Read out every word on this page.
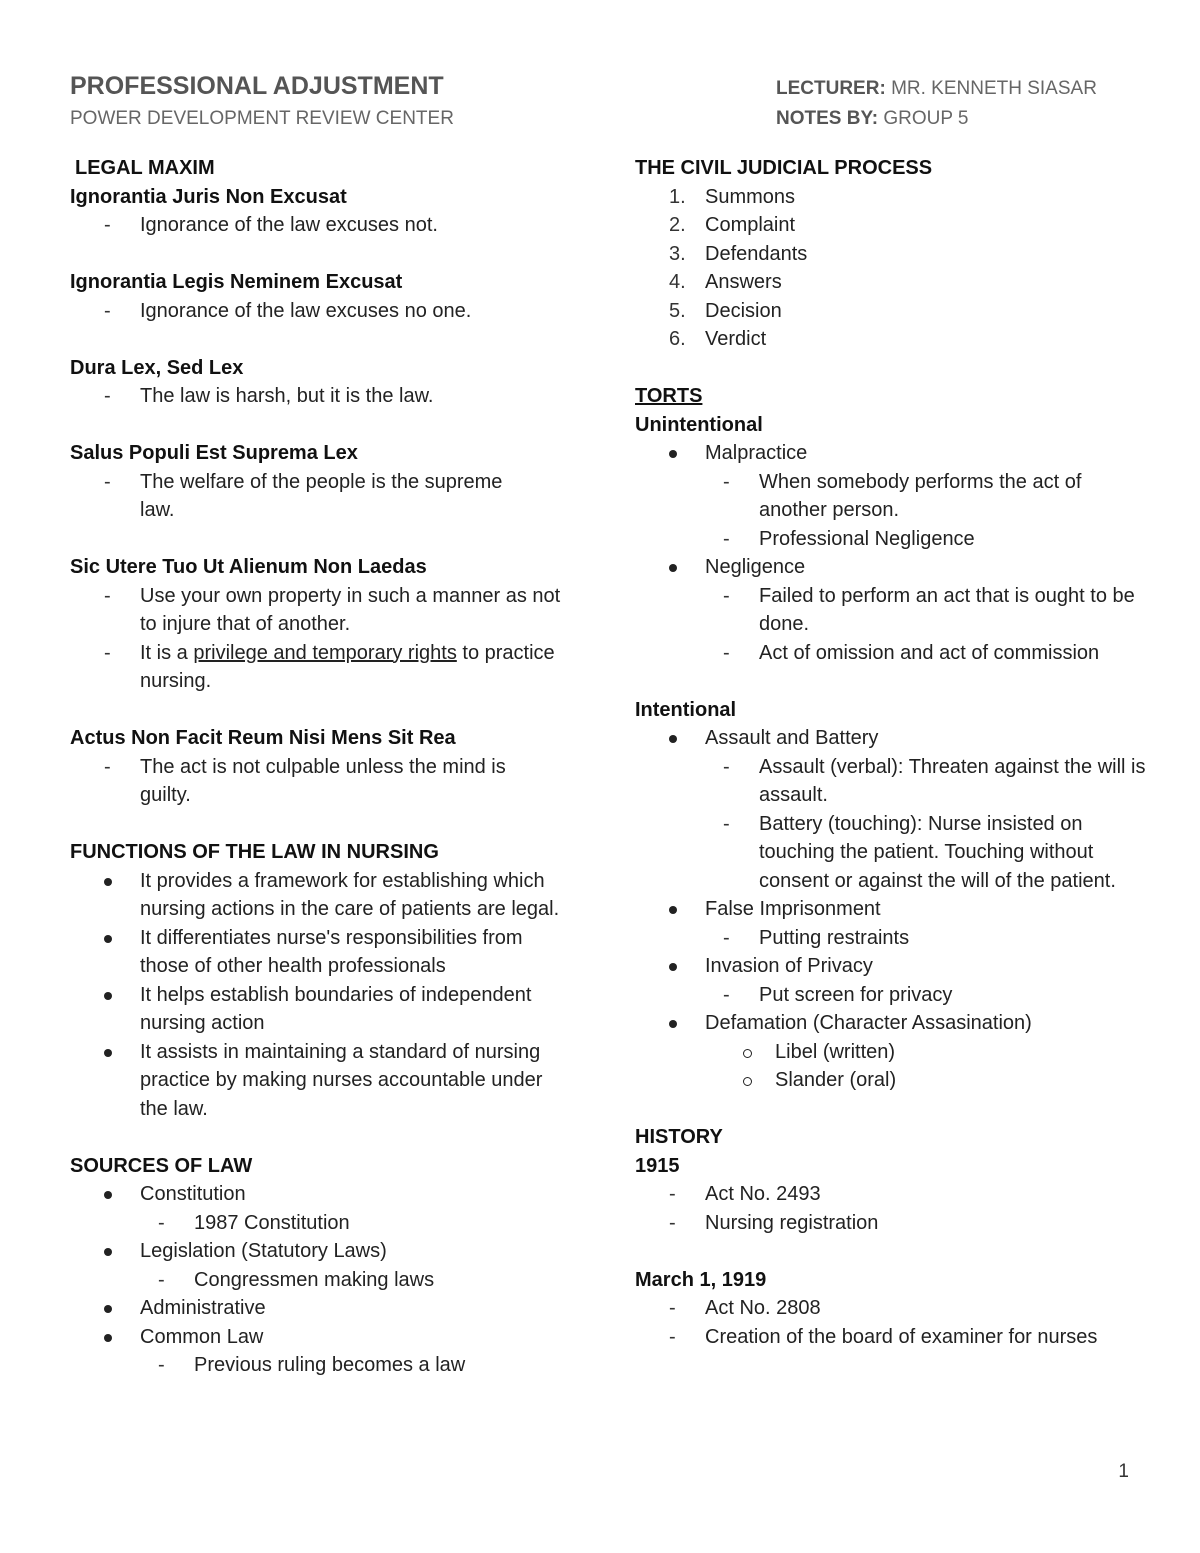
PROFESSIONAL ADJUSTMENT
POWER DEVELOPMENT REVIEW CENTER
LECTURER: MR. KENNETH SIASAR
NOTES BY: GROUP 5
LEGAL MAXIM
Ignorantia Juris Non Excusat
- Ignorance of the law excuses not.
Ignorantia Legis Neminem Excusat
- Ignorance of the law excuses no one.
Dura Lex, Sed Lex
- The law is harsh, but it is the law.
Salus Populi Est Suprema Lex
- The welfare of the people is the supreme law.
Sic Utere Tuo Ut Alienum Non Laedas
- Use your own property in such a manner as not to injure that of another.
- It is a privilege and temporary rights to practice nursing.
Actus Non Facit Reum Nisi Mens Sit Rea
- The act is not culpable unless the mind is guilty.
FUNCTIONS OF THE LAW IN NURSING
It provides a framework for establishing which nursing actions in the care of patients are legal.
It differentiates nurse's responsibilities from those of other health professionals
It helps establish boundaries of independent nursing action
It assists in maintaining a standard of nursing practice by making nurses accountable under the law.
SOURCES OF LAW
Constitution
- 1987 Constitution
Legislation (Statutory Laws)
- Congressmen making laws
Administrative
Common Law
- Previous ruling becomes a law
THE CIVIL JUDICIAL PROCESS
1. Summons
2. Complaint
3. Defendants
4. Answers
5. Decision
6. Verdict
TORTS
Unintentional
Malpractice
- When somebody performs the act of another person.
- Professional Negligence
Negligence
- Failed to perform an act that is ought to be done.
- Act of omission and act of commission
Intentional
Assault and Battery
- Assault (verbal): Threaten against the will is assault.
- Battery (touching): Nurse insisted on touching the patient. Touching without consent or against the will of the patient.
False Imprisonment
- Putting restraints
Invasion of Privacy
- Put screen for privacy
Defamation (Character Assasination)
Libel (written)
Slander (oral)
HISTORY
1915
- Act No. 2493
- Nursing registration
March 1, 1919
- Act No. 2808
- Creation of the board of examiner for nurses
1
